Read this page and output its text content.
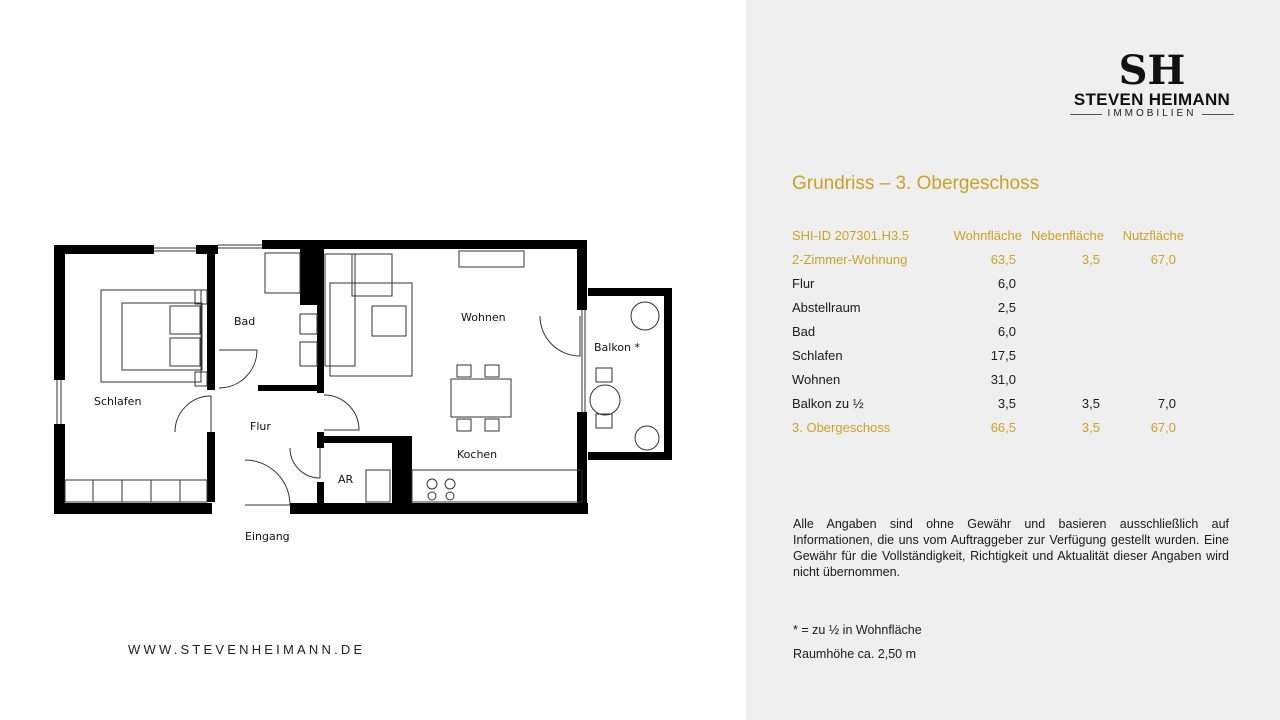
Bad	Wohnen
Balkon *
Schlafen
Flur
Kochen
AR
Eingang
WWW.STEVENHEIMANN.DE
SH
STEVEN HEIMANN
IMMOBILIEN
Grundriss – 3. Obergeschoss
SHI-ID 207301.H3.5	Wohnfläche Nebenfläche Nutzfläche
2-Zimmer-Wohnung	63,5	3,5	67,0
Flur	6,0
Abstellraum	2,5
Bad	6,0
Schlafen	17,5
Wohnen	31,0
Balkon zu ½	3,5	3,5	7,0
3. Obergeschoss	66,5	3,5	67,0
Alle Angaben sind ohne Gewähr und basieren ausschließlich auf Informationen, die uns vom Auftraggeber zur Verfügung gestellt wurden. Eine Gewähr für die Vollständigkeit, Richtigkeit und Aktualität dieser Angaben wird nicht übernommen.
* = zu ½ in Wohnfläche
Raumhöhe ca. 2,50 m
